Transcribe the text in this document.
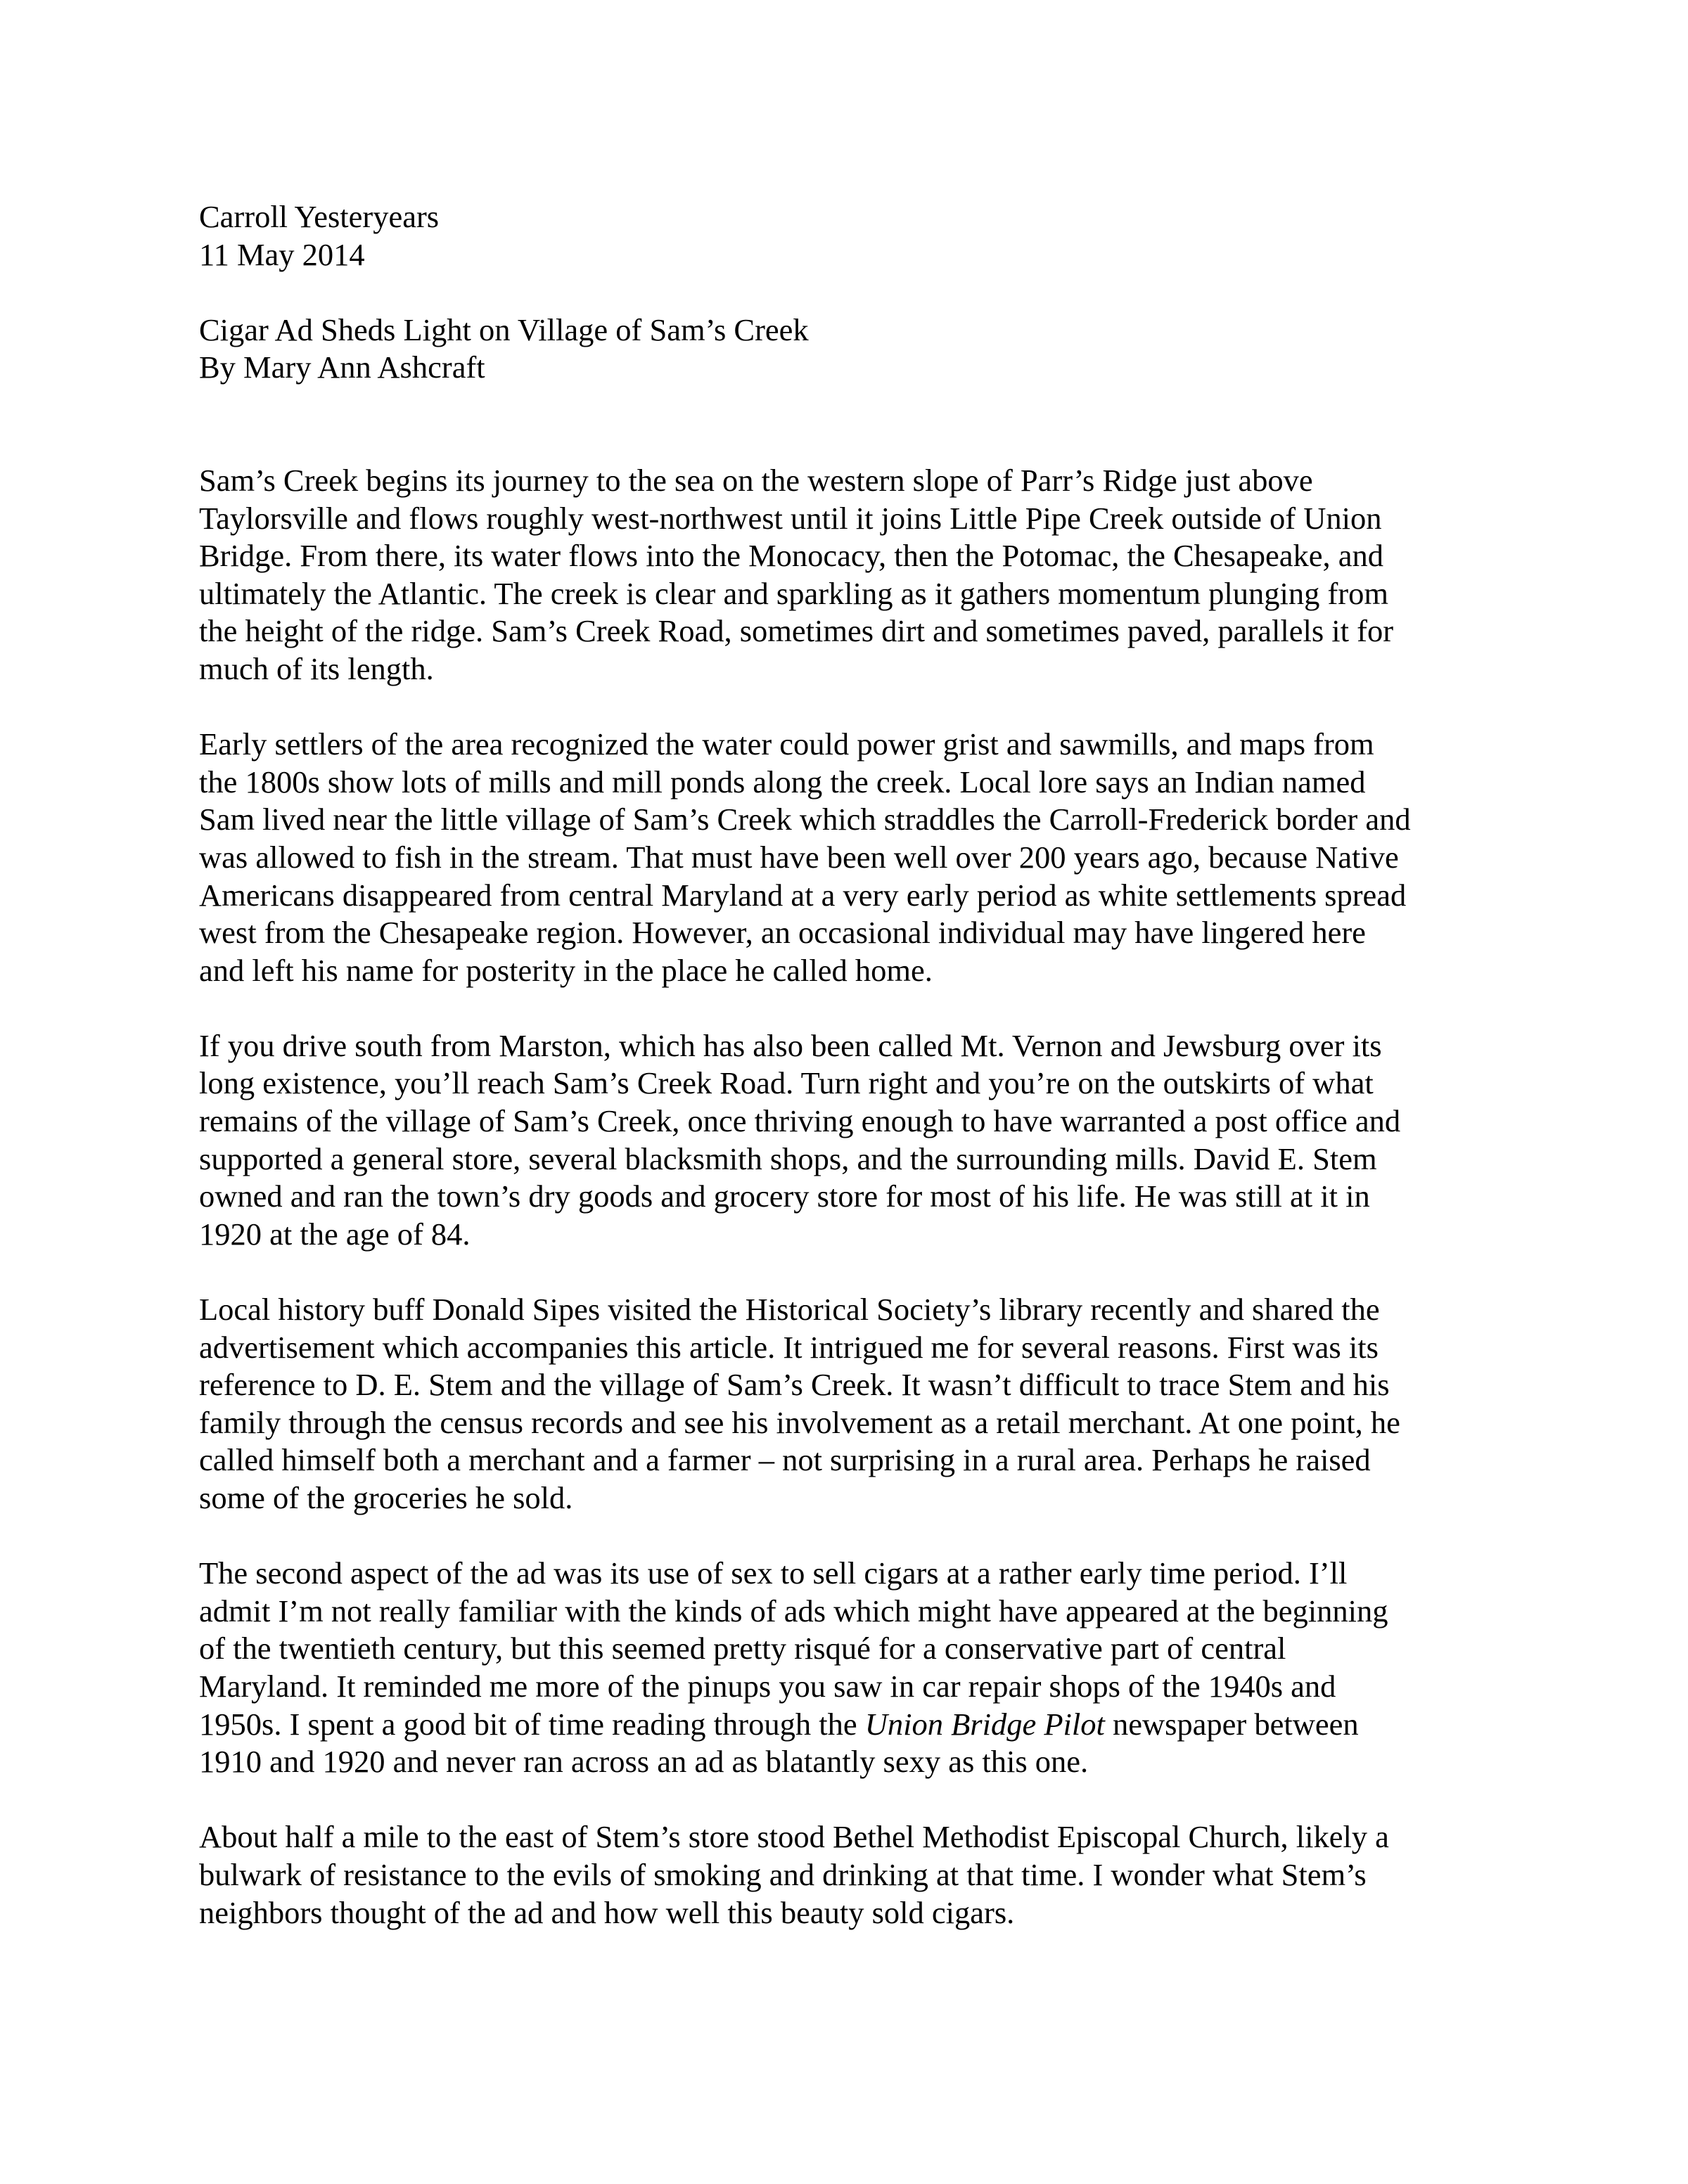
Carroll Yesteryears
11 May 2014
Cigar Ad Sheds Light on Village of Sam’s Creek
By Mary Ann Ashcraft
Sam’s Creek begins its journey to the sea on the western slope of Parr’s Ridge just above
Taylorsville and flows roughly west-northwest until it joins Little Pipe Creek outside of Union
Bridge. From there, its water flows into the Monocacy, then the Potomac, the Chesapeake, and
ultimately the Atlantic. The creek is clear and sparkling as it gathers momentum plunging from
the height of the ridge. Sam’s Creek Road, sometimes dirt and sometimes paved, parallels it for
much of its length.
Early settlers of the area recognized the water could power grist and sawmills, and maps from
the 1800s show lots of mills and mill ponds along the creek. Local lore says an Indian named
Sam lived near the little village of Sam’s Creek which straddles the Carroll-Frederick border and
was allowed to fish in the stream. That must have been well over 200 years ago, because Native
Americans disappeared from central Maryland at a very early period as white settlements spread
west from the Chesapeake region. However, an occasional individual may have lingered here
and left his name for posterity in the place he called home.
If you drive south from Marston, which has also been called Mt. Vernon and Jewsburg over its
long existence, you’ll reach Sam’s Creek Road. Turn right and you’re on the outskirts of what
remains of the village of Sam’s Creek, once thriving enough to have warranted a post office and
supported a general store, several blacksmith shops, and the surrounding mills. David E. Stem
owned and ran the town’s dry goods and grocery store for most of his life. He was still at it in
1920 at the age of 84.
Local history buff Donald Sipes visited the Historical Society’s library recently and shared the
advertisement which accompanies this article. It intrigued me for several reasons. First was its
reference to D. E. Stem and the village of Sam’s Creek. It wasn’t difficult to trace Stem and his
family through the census records and see his involvement as a retail merchant. At one point, he
called himself both a merchant and a farmer – not surprising in a rural area. Perhaps he raised
some of the groceries he sold.
The second aspect of the ad was its use of sex to sell cigars at a rather early time period. I’ll
admit I’m not really familiar with the kinds of ads which might have appeared at the beginning
of the twentieth century, but this seemed pretty risqué for a conservative part of central
Maryland. It reminded me more of the pinups you saw in car repair shops of the 1940s and
1950s. I spent a good bit of time reading through the Union Bridge Pilot newspaper between
1910 and 1920 and never ran across an ad as blatantly sexy as this one.
About half a mile to the east of Stem’s store stood Bethel Methodist Episcopal Church, likely a
bulwark of resistance to the evils of smoking and drinking at that time. I wonder what Stem’s
neighbors thought of the ad and how well this beauty sold cigars.
